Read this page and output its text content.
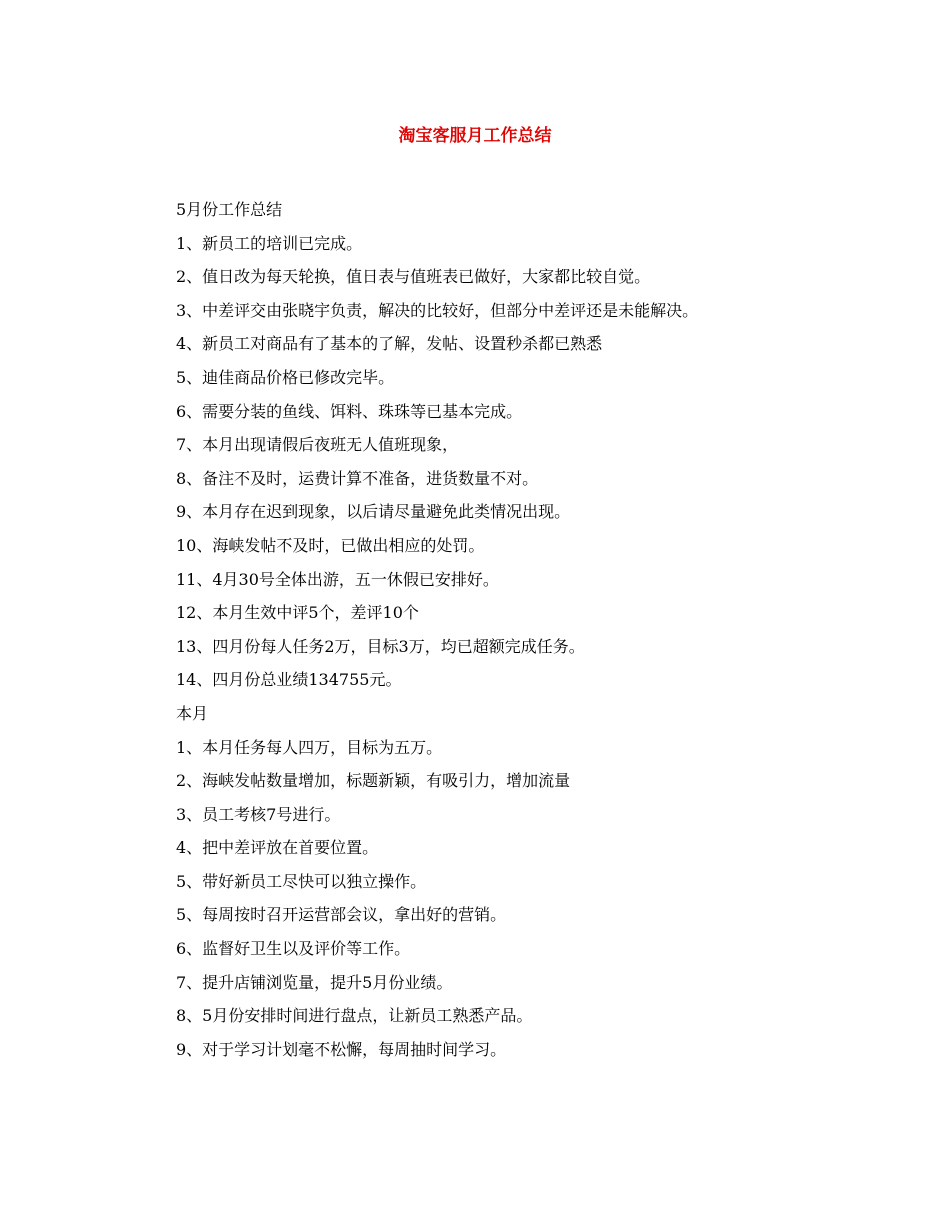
淘宝客服月工作总结
5月份工作总结
1、新员工的培训已完成。
2、值日改为每天轮换，值日表与值班表已做好，大家都比较自觉。
3、中差评交由张晓宇负责，解决的比较好，但部分中差评还是未能解决。
4、新员工对商品有了基本的了解，发帖、设置秒杀都已熟悉
5、迪佳商品价格已修改完毕。
6、需要分装的鱼线、饵料、珠珠等已基本完成。
7、本月出现请假后夜班无人值班现象，
8、备注不及时，运费计算不准备，进货数量不对。
9、本月存在迟到现象，以后请尽量避免此类情况出现。
10、海峡发帖不及时，已做出相应的处罚。
11、4月30号全体出游，五一休假已安排好。
12、本月生效中评5个，差评10个
13、四月份每人任务2万，目标3万，均已超额完成任务。
14、四月份总业绩134755元。
本月
1、本月任务每人四万，目标为五万。
2、海峡发帖数量增加，标题新颖，有吸引力，增加流量
3、员工考核7号进行。
4、把中差评放在首要位置。
5、带好新员工尽快可以独立操作。
5、每周按时召开运营部会议，拿出好的营销。
6、监督好卫生以及评价等工作。
7、提升店铺浏览量，提升5月份业绩。
8、5月份安排时间进行盘点，让新员工熟悉产品。
9、对于学习计划毫不松懈，每周抽时间学习。
